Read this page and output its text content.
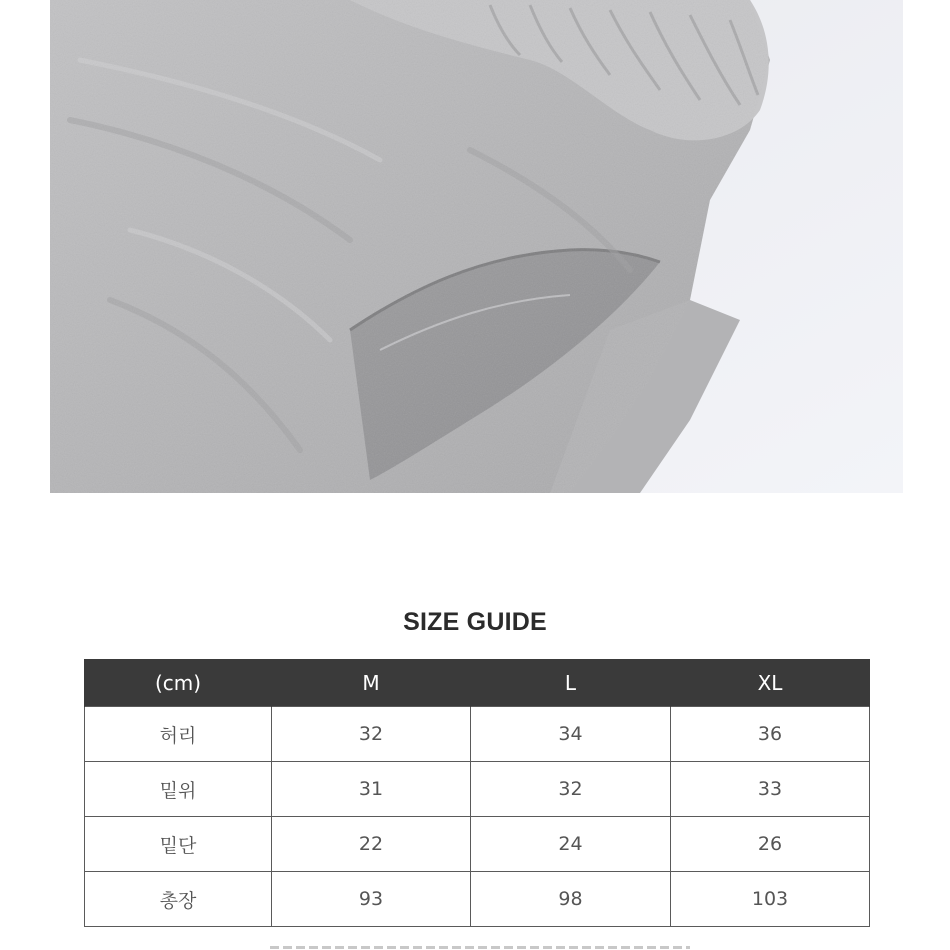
SIZE GUIDE
(cm)	M	L	XL
허리	32	34	36
밑위	31	32	33
밑단	22	24	26
총장	93	98	103
